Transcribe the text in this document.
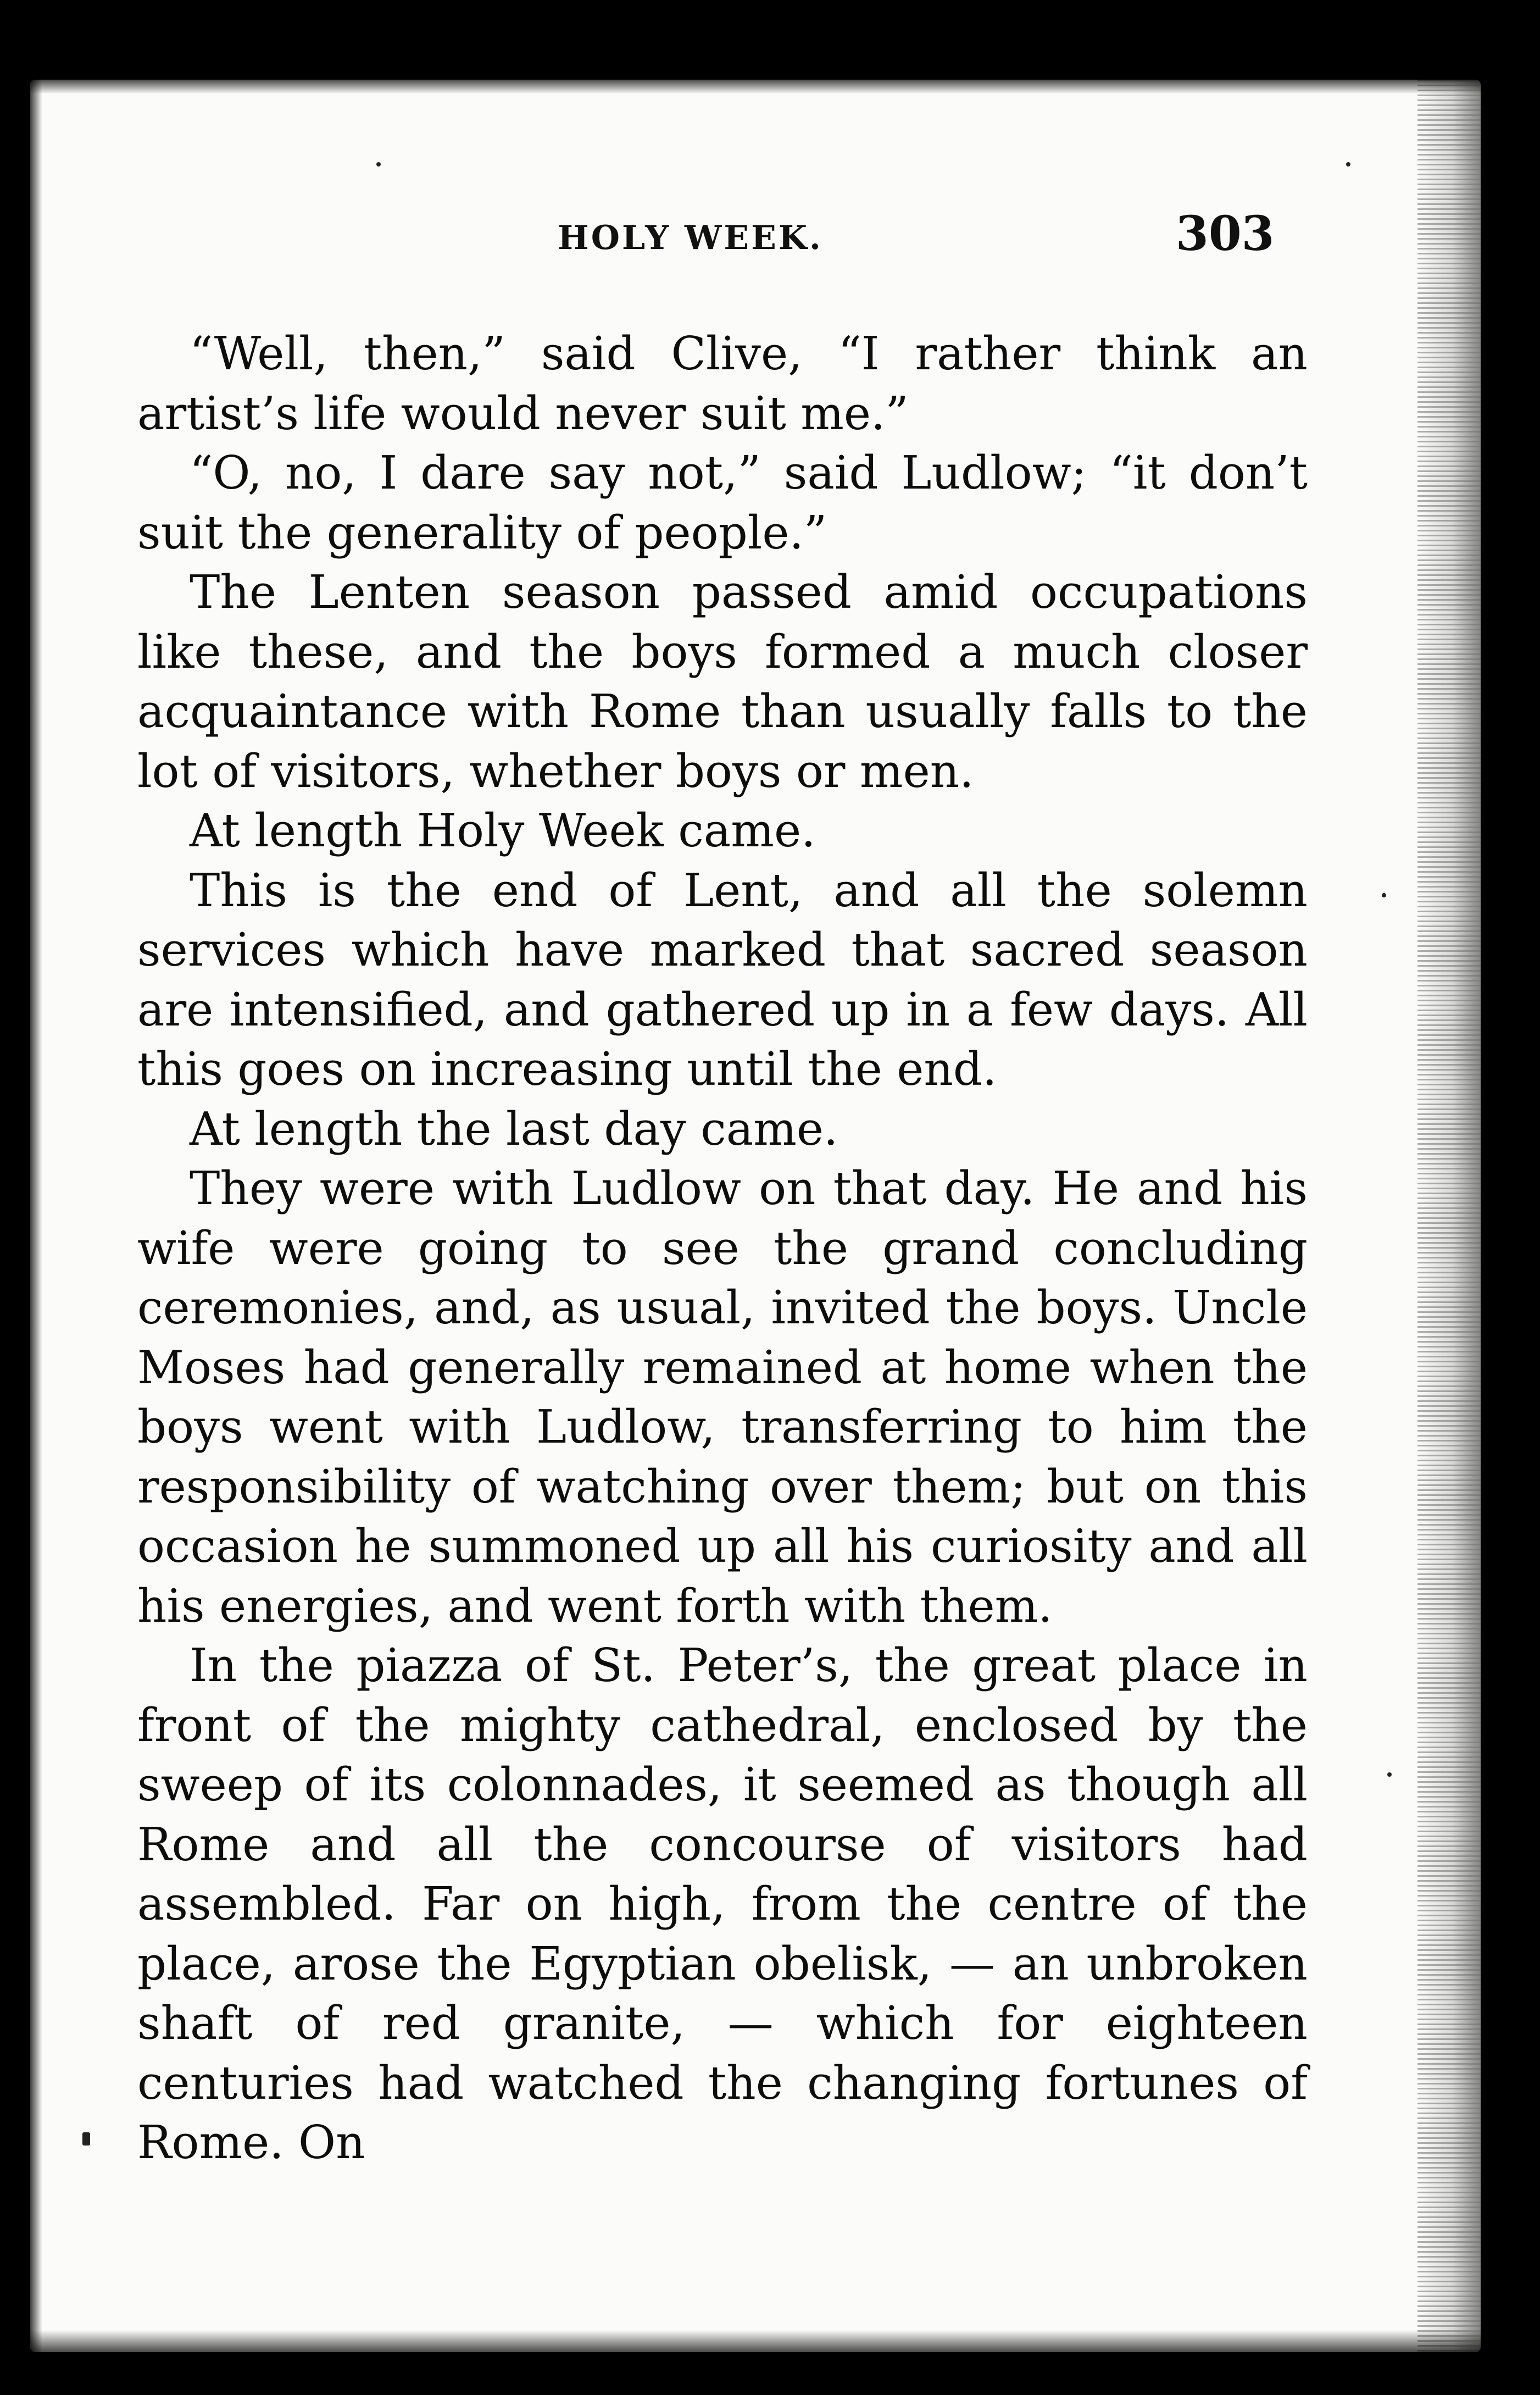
HOLY WEEK.	303

“Well, then,” said Clive, “I rather think an artist’s life would never suit me.”

“O, no, I dare say not,” said Ludlow; “it don’t suit the generality of people.”

The Lenten season passed amid occupations like these, and the boys formed a much closer acquaintance with Rome than usually falls to the lot of visitors, whether boys or men.

At length Holy Week came.

This is the end of Lent, and all the solemn services which have marked that sacred season are intensified, and gathered up in a few days. All this goes on increasing until the end.

At length the last day came.

They were with Ludlow on that day. He and his wife were going to see the grand concluding ceremonies, and, as usual, invited the boys. Uncle Moses had generally remained at home when the boys went with Ludlow, transferring to him the responsibility of watching over them; but on this occasion he summoned up all his curiosity and all his energies, and went forth with them.

In the piazza of St. Peter’s, the great place in front of the mighty cathedral, enclosed by the sweep of its colonnades, it seemed as though all Rome and all the concourse of visitors had assembled. Far on high, from the centre of the place, arose the Egyptian obelisk, — an unbroken shaft of red granite, — which for eighteen centuries had watched the changing fortunes of Rome. On
